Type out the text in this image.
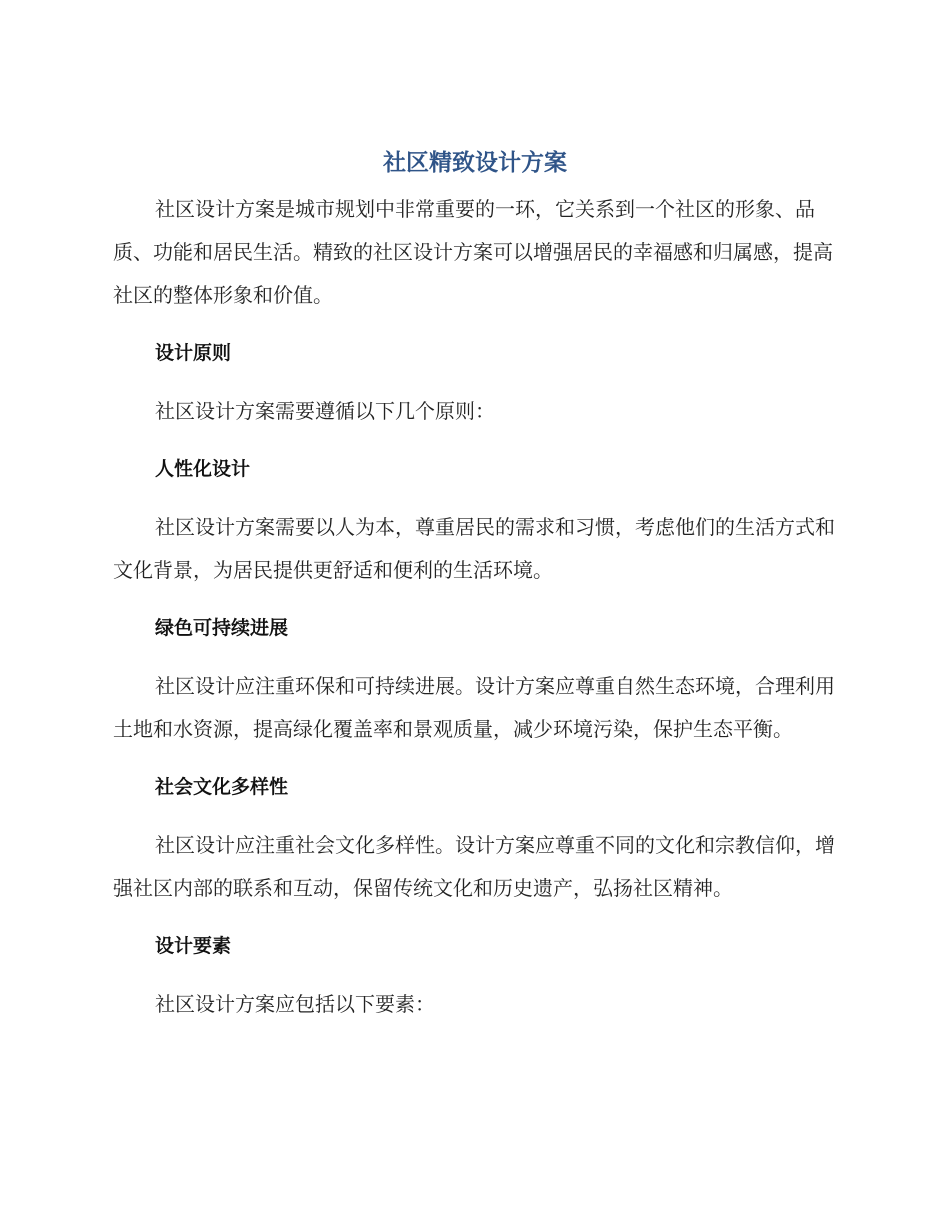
社区精致设计方案

社区设计方案是城市规划中非常重要的一环，它关系到一个社区的形象、品质、功能和居民生活。精致的社区设计方案可以增强居民的幸福感和归属感，提高社区的整体形象和价值。

设计原则

社区设计方案需要遵循以下几个原则：

人性化设计

社区设计方案需要以人为本，尊重居民的需求和习惯，考虑他们的生活方式和文化背景，为居民提供更舒适和便利的生活环境。

绿色可持续进展

社区设计应注重环保和可持续进展。设计方案应尊重自然生态环境，合理利用土地和水资源，提高绿化覆盖率和景观质量，减少环境污染，保护生态平衡。

社会文化多样性

社区设计应注重社会文化多样性。设计方案应尊重不同的文化和宗教信仰，增强社区内部的联系和互动，保留传统文化和历史遗产，弘扬社区精神。

设计要素

社区设计方案应包括以下要素：
